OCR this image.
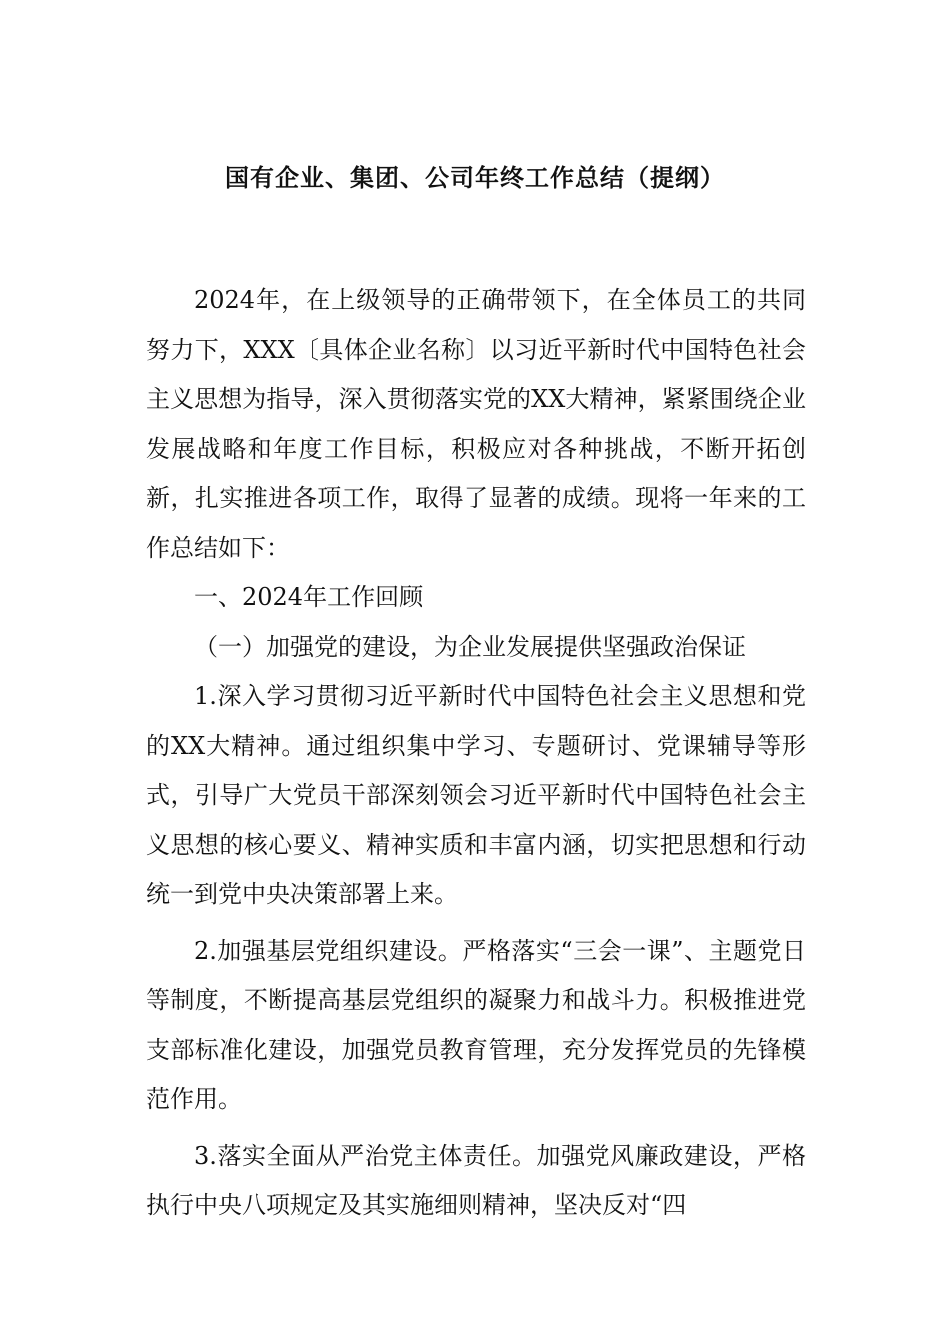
国有企业、集团、公司年终工作总结（提纲）

2024年，在上级领导的正确带领下，在全体员工的共同努力下，XXX〔具体企业名称〕以习近平新时代中国特色社会主义思想为指导，深入贯彻落实党的XX大精神，紧紧围绕企业发展战略和年度工作目标，积极应对各种挑战，不断开拓创新，扎实推进各项工作，取得了显著的成绩。现将一年来的工作总结如下：

一、2024年工作回顾

（一）加强党的建设，为企业发展提供坚强政治保证

1.深入学习贯彻习近平新时代中国特色社会主义思想和党的XX大精神。通过组织集中学习、专题研讨、党课辅导等形式，引导广大党员干部深刻领会习近平新时代中国特色社会主义思想的核心要义、精神实质和丰富内涵，切实把思想和行动统一到党中央决策部署上来。

2.加强基层党组织建设。严格落实“三会一课”、主题党日等制度，不断提高基层党组织的凝聚力和战斗力。积极推进党支部标准化建设，加强党员教育管理，充分发挥党员的先锋模范作用。

3.落实全面从严治党主体责任。加强党风廉政建设，严格执行中央八项规定及其实施细则精神，坚决反对“四
